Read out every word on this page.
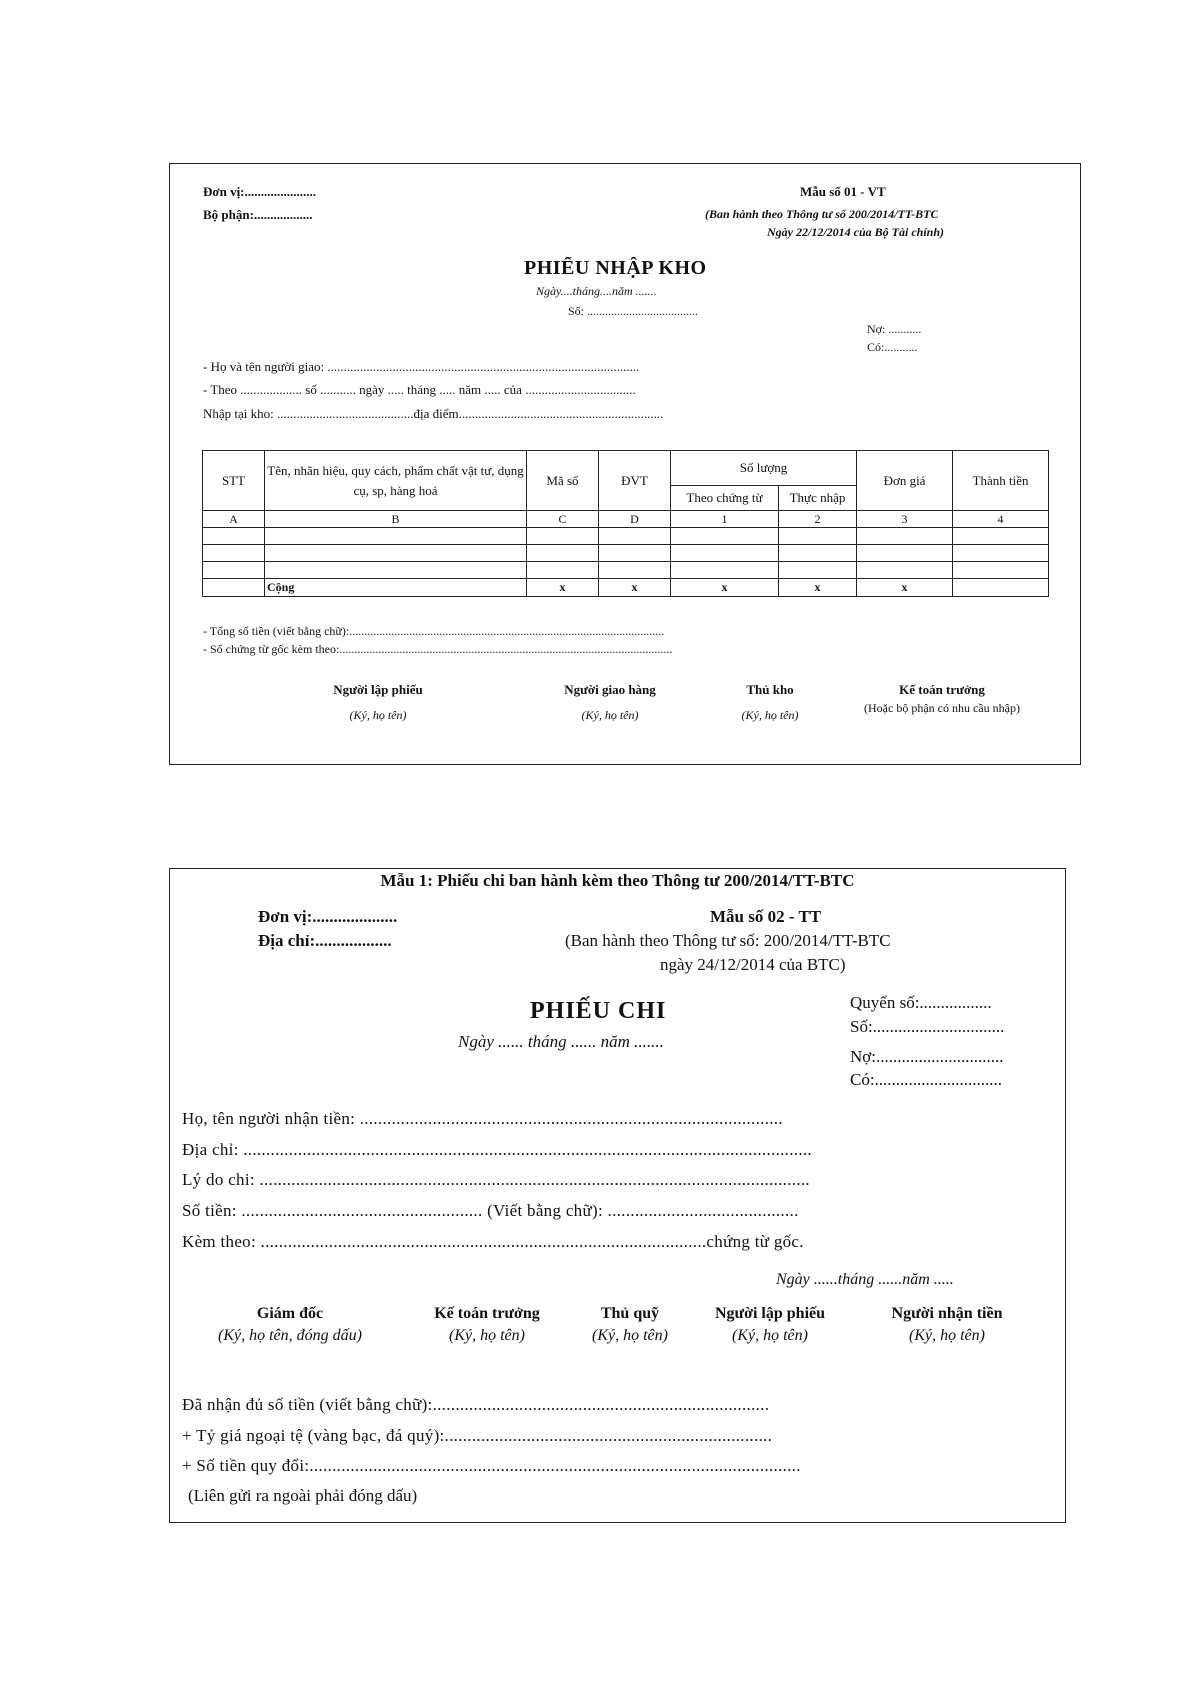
Đơn vị:......................
Bộ phận:..................
Mẫu số 01 - VT
(Ban hành theo Thông tư số 200/2014/TT-BTC
Ngày 22/12/2014 của Bộ Tài chính)
PHIẾU NHẬP KHO
Ngày....tháng....năm .......
Số: .....................................
Nợ: ...........
Có:...........
- Họ và tên người giao: ................................................................................................
- Theo ................... số ........... ngày ..... tháng ..... năm ..... của ..................................
Nhập tại kho: ..........................................địa điểm...............................................................
STT	Tên, nhãn hiệu, quy cách, phẩm chất vật tư, dụng cụ, sp, hàng hoá	Mã số	ĐVT	Số lượng		Đơn giá	Thành tiền
				Theo chứng từ	Thực nhập		
A	B	C	D	1	2	3	4

	Cộng	x	x	x	x	x	
- Tổng số tiền (viết bằng chữ):.........................................................................................................
- Số chứng từ gốc kèm theo:...............................................................................................................
Người lập phiếu
(Ký, họ tên)
Người giao hàng
(Ký, họ tên)
Thủ kho
(Ký, họ tên)
Kế toán trưởng
(Hoặc bộ phận có nhu cầu nhập)
Mẫu 1: Phiếu chi ban hành kèm theo Thông tư 200/2014/TT-BTC
Đơn vị:....................
Địa chỉ:..................
Mẫu số 02 - TT
(Ban hành theo Thông tư số: 200/2014/TT-BTC
ngày 24/12/2014 của BTC)
PHIẾU CHI
Ngày ...... tháng ...... năm .......
Quyển số:.................
Số:...............................
Nợ:..............................
Có:..............................
Họ, tên người nhận tiền: .............................................................................................
Địa chỉ: .............................................................................................................................
Lý do chi: .........................................................................................................................
Số tiền: ..................................................... (Viết bằng chữ): ..........................................
Kèm theo: ..................................................................................................chứng từ gốc.
Ngày ......tháng ......năm .....
Giám đốc
(Ký, họ tên, đóng dấu)
Kế toán trưởng
(Ký, họ tên)
Thủ quỹ
(Ký, họ tên)
Người lập phiếu
(Ký, họ tên)
Người nhận tiền
(Ký, họ tên)
Đã nhận đủ số tiền (viết bằng chữ):..........................................................................
+ Tỷ giá ngoại tệ (vàng bạc, đá quý):........................................................................
+ Số tiền quy đổi:............................................................................................................
(Liên gửi ra ngoài phải đóng dấu)
